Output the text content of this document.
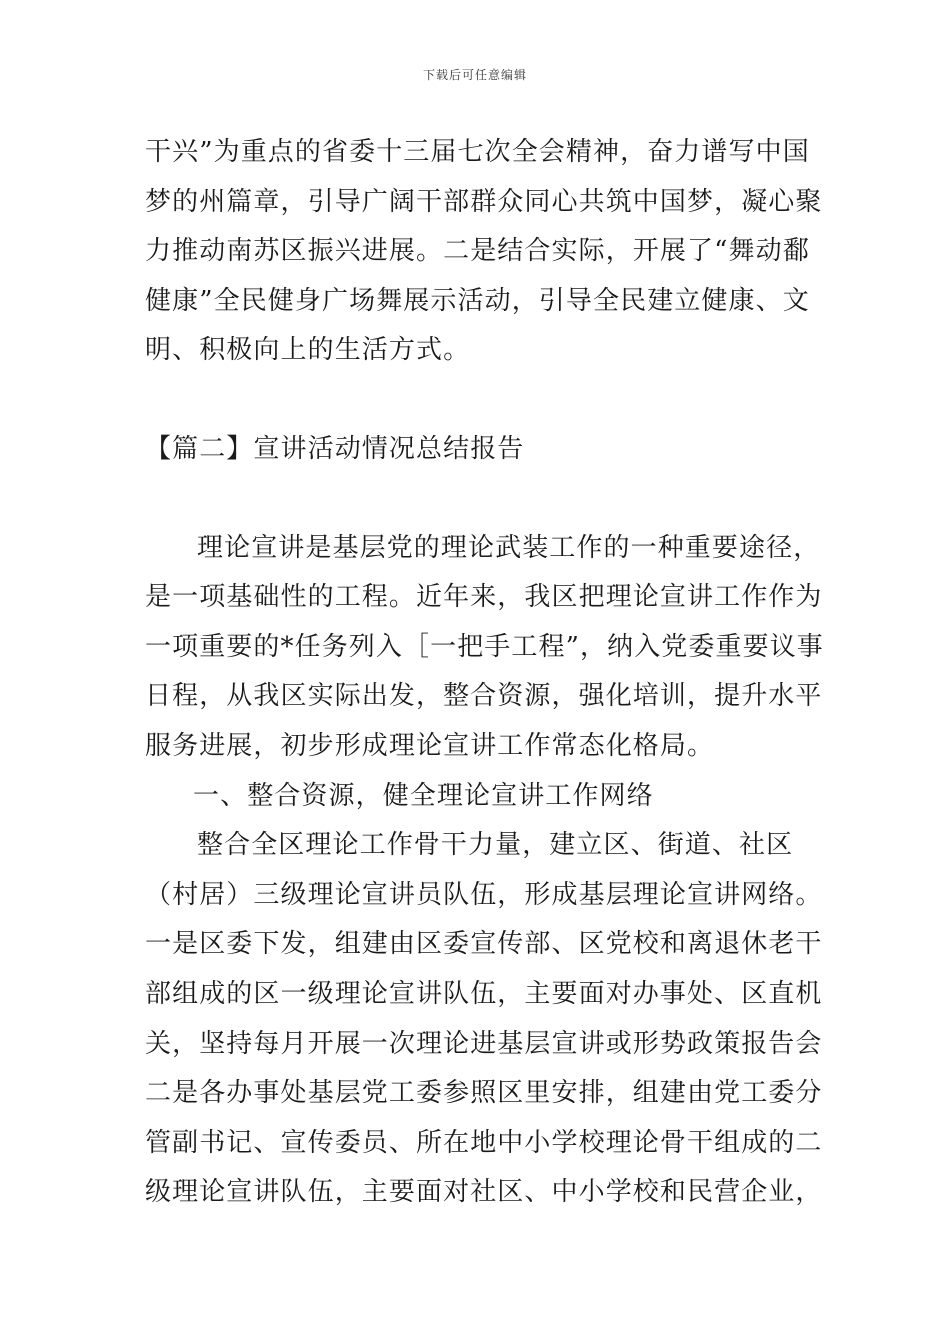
下载后可任意编辑
干兴”为重点的省委十三届七次全会精神，奋力谱写中国
梦的州篇章，引导广阔干部群众同心共筑中国梦，凝心聚
力推动南苏区振兴进展。二是结合实际，开展了“舞动鄱
健康”全民健身广场舞展示活动，引导全民建立健康、文
明、积极向上的生活方式。
【篇二】宣讲活动情况总结报告
理论宣讲是基层党的理论武装工作的一种重要途径，
是一项基础性的工程。近年来，我区把理论宣讲工作作为
一项重要的*任务列入［一把手工程”，纳入党委重要议事
日程，从我区实际出发，整合资源，强化培训，提升水平
服务进展，初步形成理论宣讲工作常态化格局。
一、整合资源，健全理论宣讲工作网络
整合全区理论工作骨干力量，建立区、街道、社区
（村居）三级理论宣讲员队伍，形成基层理论宣讲网络。
一是区委下发，组建由区委宣传部、区党校和离退休老干
部组成的区一级理论宣讲队伍，主要面对办事处、区直机
关，坚持每月开展一次理论进基层宣讲或形势政策报告会
二是各办事处基层党工委参照区里安排，组建由党工委分
管副书记、宣传委员、所在地中小学校理论骨干组成的二
级理论宣讲队伍，主要面对社区、中小学校和民营企业，
